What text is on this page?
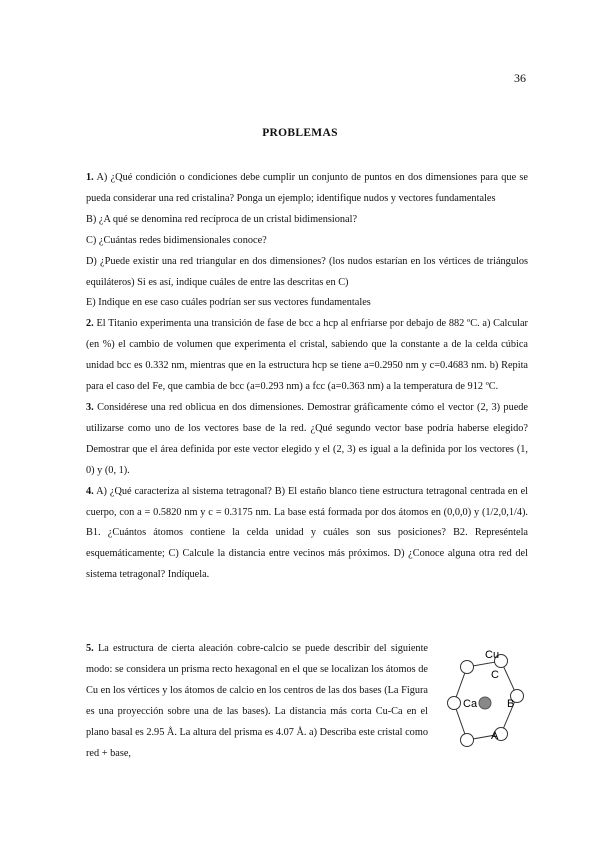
36
PROBLEMAS

1. A) ¿Qué condición o condiciones debe cumplir un conjunto de puntos en dos dimensiones para que se pueda considerar una red cristalina? Ponga un ejemplo; identifique nudos y vectores fundamentales

B) ¿A qué se denomina red recíproca de un cristal bidimensional?

C) ¿Cuántas redes bidimensionales conoce?

D) ¿Puede existir una red triangular en dos dimensiones? (los nudos estarían en los vértices de triángulos equiláteros) Si es así, indique cuáles de entre las descritas en C)

E) Indique en ese caso cuáles podrían ser sus vectores fundamentales

2. El Titanio experimenta una transición de fase de bcc a hcp al enfriarse por debajo de 882 ºC. a) Calcular (en %) el cambio de volumen que experimenta el cristal, sabiendo que la constante a de la celda cúbica unidad bcc es 0.332 nm, mientras que en la estructura hcp se tiene a=0.2950 nm y c=0.4683 nm. b) Repita para el caso del Fe, que cambia de bcc (a=0.293 nm) a fcc (a=0.363 nm) a la temperatura de 912 ºC.

3. Considérese una red oblicua en dos dimensiones. Demostrar gráficamente cómo el vector (2, 3) puede utilizarse como uno de los vectores base de la red. ¿Qué segundo vector base podría haberse elegido? Demostrar que el área definida por este vector elegido y el (2, 3) es igual a la definida por los vectores (1, 0) y (0, 1).

4. A) ¿Qué caracteriza al sistema tetragonal? B) El estaño blanco tiene estructura tetragonal centrada en el cuerpo, con a = 0.5820 nm y c = 0.3175 nm. La base está formada por dos átomos en (0,0,0) y (1/2,0,1/4). B1. ¿Cuántos átomos contiene la celda unidad y cuáles son sus posiciones? B2. Represéntela esquemáticamente; C) Calcule la distancia entre vecinos más próximos. D) ¿Conoce alguna otra red del sistema tetragonal? Indíquela.

5. La estructura de cierta aleación cobre-calcio se puede describir del siguiente modo: se considera un prisma recto hexagonal en el que se localizan los átomos de Cu en los vértices y los átomos de calcio en los centros de las dos bases (La Figura es una proyección sobre una de las bases). La distancia más corta Cu-Ca en el plano basal es 2.95 Å. La altura del prisma es 4.07 Å. a) Describa este cristal como red + base,

Cu
C
Ca	B
A
